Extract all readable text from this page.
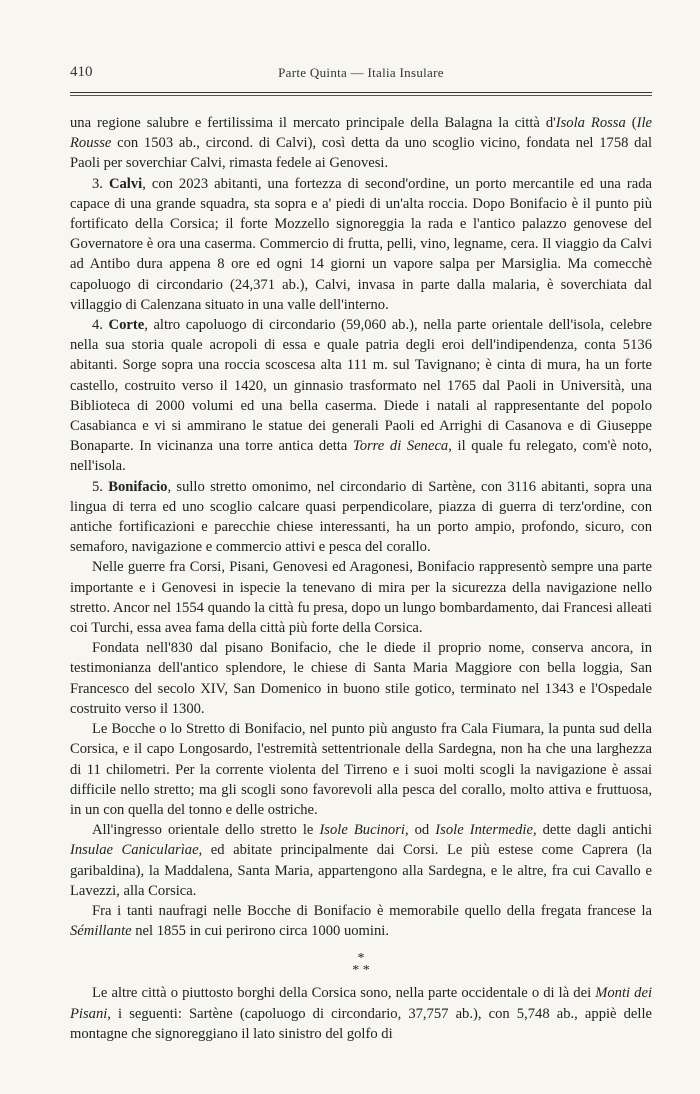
410	Parte Quinta — Italia Insulare

una regione salubre e fertilissima il mercato principale della Balagna la città d'Isola Rossa (Ile Rousse con 1503 ab., circond. di Calvi), così detta da uno scoglio vicino, fondata nel 1758 dal Paoli per soverchiar Calvi, rimasta fedele ai Genovesi.

3. Calvi, con 2023 abitanti, una fortezza di second'ordine, un porto mercantile ed una rada capace di una grande squadra, sta sopra e a' piedi di un'alta roccia. Dopo Bonifacio è il punto più fortificato della Corsica; il forte Mozzello signoreggia la rada e l'antico palazzo genovese del Governatore è ora una caserma. Commercio di frutta, pelli, vino, legname, cera. Il viaggio da Calvi ad Antibo dura appena 8 ore ed ogni 14 giorni un vapore salpa per Marsiglia. Ma comecchè capoluogo di circondario (24,371 ab.), Calvi, invasa in parte dalla malaria, è soverchiata dal villaggio di Calenzana situato in una valle dell'interno.

4. Corte, altro capoluogo di circondario (59,060 ab.), nella parte orientale dell'isola, celebre nella sua storia quale acropoli di essa e quale patria degli eroi dell'indipendenza, conta 5136 abitanti. Sorge sopra una roccia scoscesa alta 111 m. sul Tavignano; è cinta di mura, ha un forte castello, costruito verso il 1420, un ginnasio trasformato nel 1765 dal Paoli in Università, una Biblioteca di 2000 volumi ed una bella caserma. Diede i natali al rappresentante del popolo Casabianca e vi si ammirano le statue dei generali Paoli ed Arrighi di Casanova e di Giuseppe Bonaparte. In vicinanza una torre antica detta Torre di Seneca, il quale fu relegato, com'è noto, nell'isola.

5. Bonifacio, sullo stretto omonimo, nel circondario di Sartène, con 3116 abitanti, sopra una lingua di terra ed uno scoglio calcare quasi perpendicolare, piazza di guerra di terz'ordine, con antiche fortificazioni e parecchie chiese interessanti, ha un porto ampio, profondo, sicuro, con semaforo, navigazione e commercio attivi e pesca del corallo.

Nelle guerre fra Corsi, Pisani, Genovesi ed Aragonesi, Bonifacio rappresentò sempre una parte importante e i Genovesi in ispecie la tenevano di mira per la sicurezza della navigazione nello stretto. Ancor nel 1554 quando la città fu presa, dopo un lungo bombardamento, dai Francesi alleati coi Turchi, essa avea fama della città più forte della Corsica.

Fondata nell'830 dal pisano Bonifacio, che le diede il proprio nome, conserva ancora, in testimonianza dell'antico splendore, le chiese di Santa Maria Maggiore con bella loggia, San Francesco del secolo XIV, San Domenico in buono stile gotico, terminato nel 1343 e l'Ospedale costruito verso il 1300.

Le Bocche o lo Stretto di Bonifacio, nel punto più angusto fra Cala Fiumara, la punta sud della Corsica, e il capo Longosardo, l'estremità settentrionale della Sardegna, non ha che una larghezza di 11 chilometri. Per la corrente violenta del Tirreno e i suoi molti scogli la navigazione è assai difficile nello stretto; ma gli scogli sono favorevoli alla pesca del corallo, molto attiva e fruttuosa, in un con quella del tonno e delle ostriche.

All'ingresso orientale dello stretto le Isole Bucinori, od Isole Intermedie, dette dagli antichi Insulae Canicularìae, ed abitate principalmente dai Corsi. Le più estese come Caprera (la garibaldina), la Maddalena, Santa Maria, appartengono alla Sardegna, e le altre, fra cui Cavallo e Lavezzi, alla Corsica.

Fra i tanti naufragi nelle Bocche di Bonifacio è memorabile quello della fregata francese la Sémillante nel 1855 in cui perirono circa 1000 uomini.

*
* *

Le altre città o piuttosto borghi della Corsica sono, nella parte occidentale o di là dei Monti dei Pisani, i seguenti: Sartène (capoluogo di circondario, 37,757 ab.), con 5,748 ab., appiè delle montagne che signoreggiano il lato sinistro del golfo di
